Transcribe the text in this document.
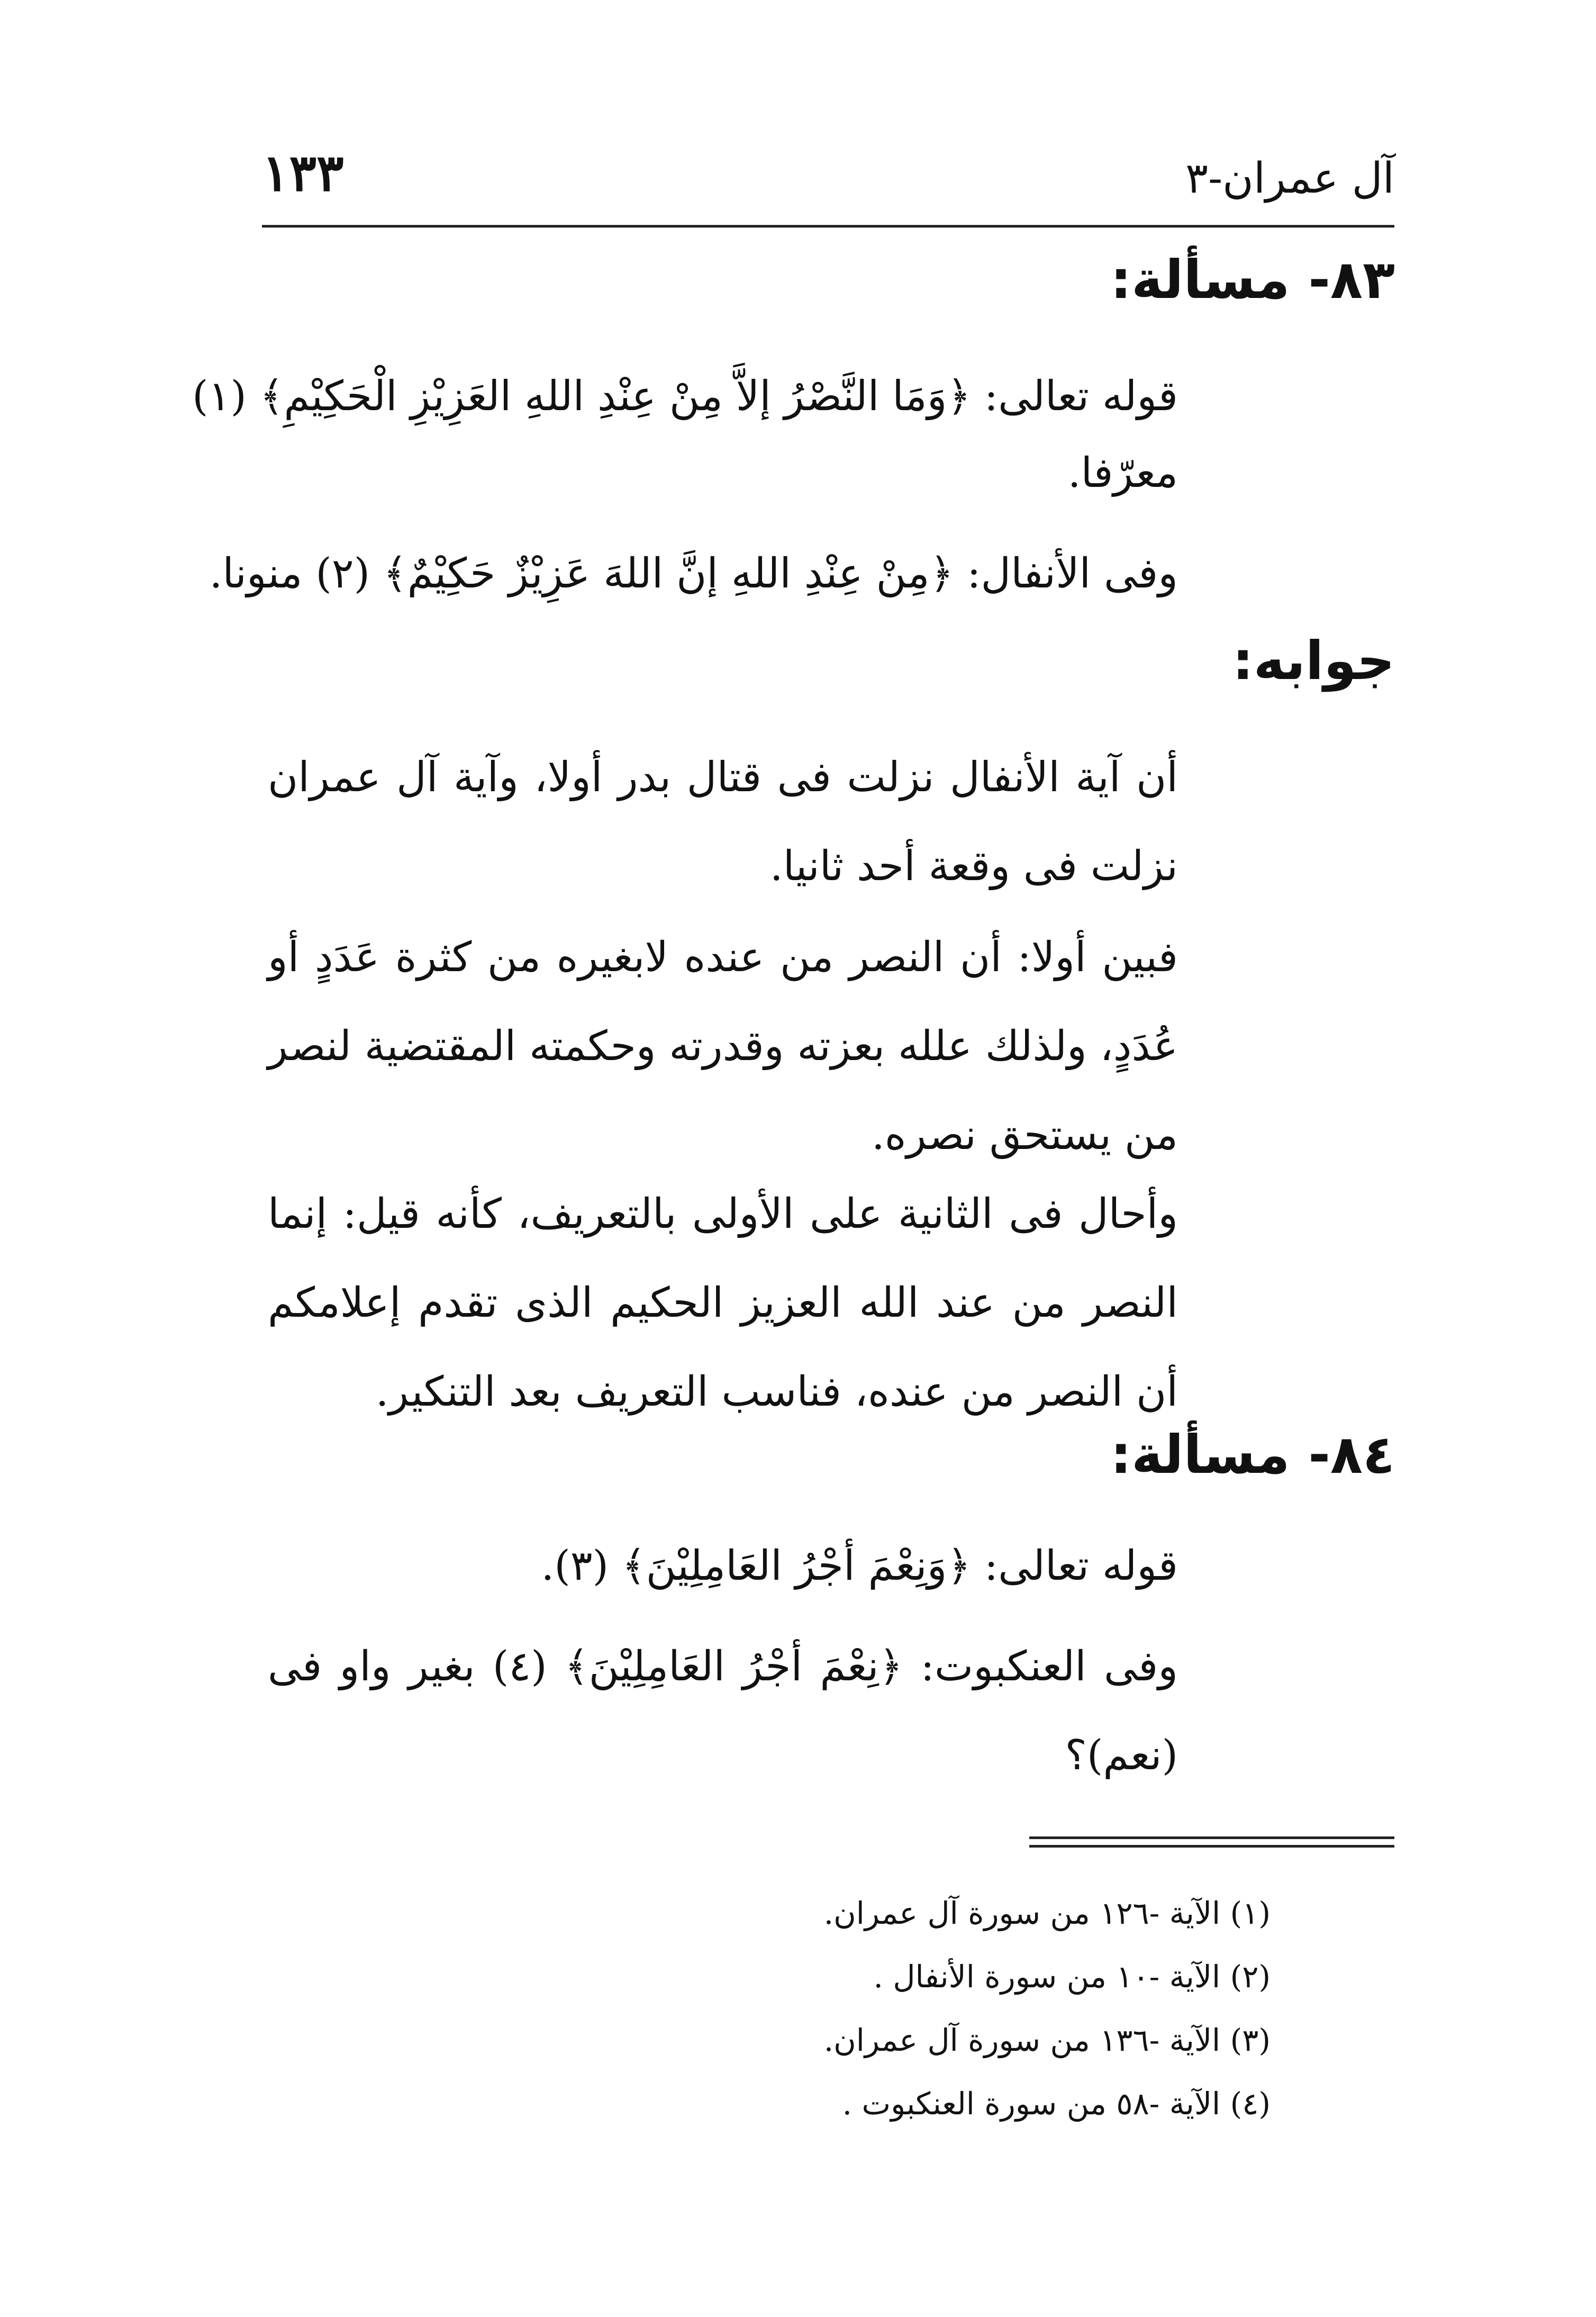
آل عمران-٣
١٣٣
٨٣- مسألة:
قوله تعالى: ﴿وَمَا النَّصْرُ إلاَّ مِنْ عِنْدِ اللهِ العَزِيْزِ الْحَكِيْمِ﴾ (١)
معرّفا.
وفى الأنفال: ﴿مِنْ عِنْدِ اللهِ إنَّ اللهَ عَزِيْزٌ حَكِيْمٌ﴾ (٢) منونا.
جوابه:
أن آية الأنفال نزلت فى قتال بدر أولا، وآية آل عمران نزلت فى وقعة أحد ثانيا.
فبين أولا: أن النصر من عنده لابغيره من كثرة عَدَدٍ أو عُدَدٍ، ولذلك علله بعزته وقدرته وحكمته المقتضية لنصر من يستحق نصره.
وأحال فى الثانية على الأولى بالتعريف، كأنه قيل: إنما النصر من عند الله العزيز الحكيم الذى تقدم إعلامكم أن النصر من عنده، فناسب التعريف بعد التنكير.
٨٤- مسألة:
قوله تعالى: ﴿وَنِعْمَ أجْرُ العَامِلِيْنَ﴾ (٣).
وفى العنكبوت: ﴿نِعْمَ أجْرُ العَامِلِيْنَ﴾ (٤) بغير واو فى (نعم)؟
(١) الآية -١٢٦ من سورة آل عمران.
(٢) الآية -١٠ من سورة الأنفال .
(٣) الآية -١٣٦ من سورة آل عمران.
(٤) الآية -٥٨ من سورة العنكبوت .
